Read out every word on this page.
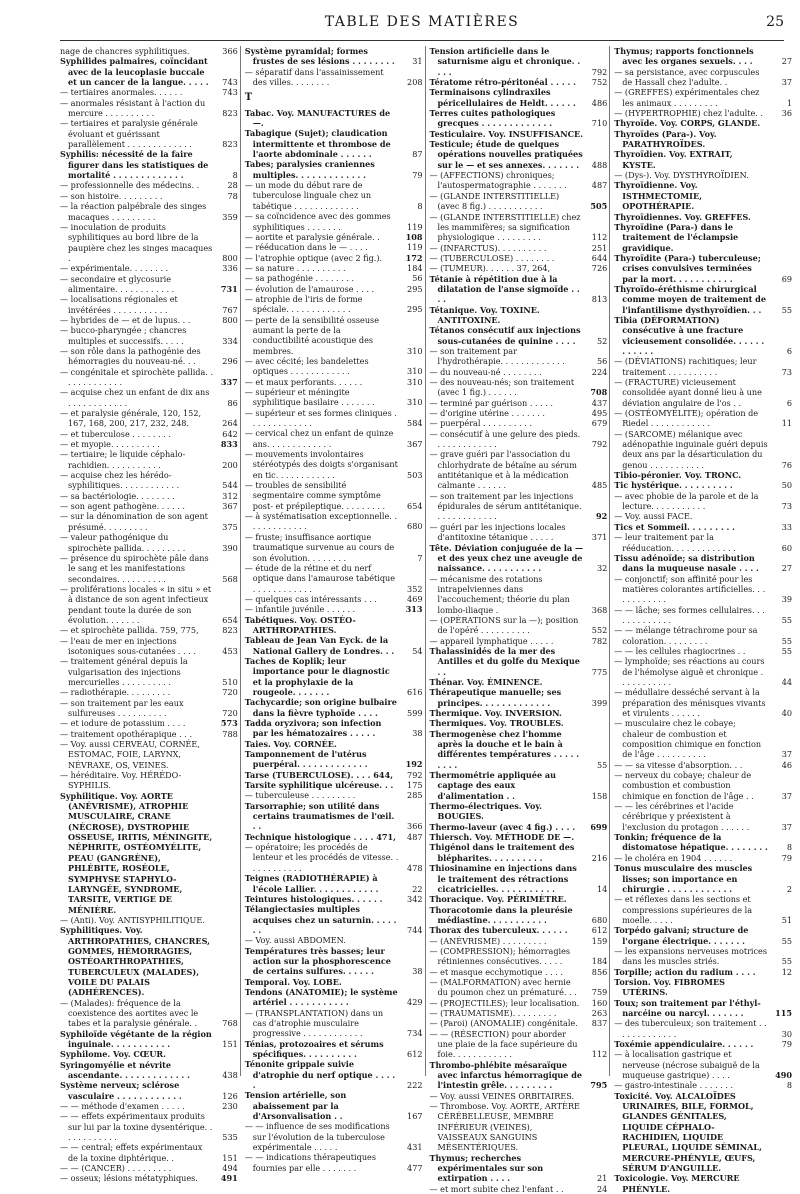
TABLE DES MATIÈRES	25
nage de chancres syphilitiques.	366
Syphilides palmaires, coïncidant avec de la leucoplasie buccale et un cancer de la langue. . . . .	743
— tertiaires anormales. . . . . .	743
— anormales résistant à l'action du mercure . . . . . . . . . .	823
— tertiaires et paralysie générale évoluant et guérissant parallèlement . . . . . . . . . . . . .	823
Syphilis: nécessité de la faire figurer dans les statistiques de mortalité . . . . . . . . . . . . .	8
— professionnelle des médecins. .	28
— son histoire. . . . . . . . .	78
— la réaction palpébrale des singes macaques . . . . . . . . .	359
— inoculation de produits syphilitiques au bord libre de la paupière chez les singes macaques .	800
— expérimentale. . . . . . . .	336
— secondaire et glycosurie alimentaire. . . . . . . . . . . .	731
— localisations régionales et invétérées . . . . . . . . . . .	767
— hybrides de — et de lupus. . .	800
— bucco-pharyngée ; chancres multiples et successifs. . . . .	334
— son rôle dans la pathogénie des hémorragies du nouveau-né. . .	296
— congénitale et spirochète pallida. . . . . . . . . . . . .	337
— acquise chez un enfant de dix ans . . . . . . . . . . . .	86
— et paralysie générale, 120, 152, 167, 168, 200, 217, 232, 248.	264
— et tuberculose . . . . . . . .	642
— et myopie. . . . . . . . . .	833
— tertiaire; le liquide céphalo-rachidien. . . . . . . . . . .	200
— acquise chez les hérédo-syphilitiques. . . . . . . . . . . .	544
— sa bactériologie. . . . . . . .	312
— son agent pathogène. . . . . .	367
— sur la dénomination de son agent présumé. . . . . . . . .	375
— valeur pathogénique du spirochète pallida. . . . . . . . .	390
— présence du spirochète pâle dans le sang et les manifestations secondaires. . . . . . . . . .	568
— proliférations locales « in situ » et à distance de son agent infectieux pendant toute la durée de son évolution. . . . . . .	654
— et spirochète pallida. 759, 775,	823
— l'eau de mer en injections isotoniques sous-cutanées . . . .	453
— traitement général depuis la vulgarisation des injections mercurielles . . . . . . . . . .	510
— radiothérapie. . . . . . . . .	720
— son traitement par les eaux sulfureuses . . . . . . . . . .	720
— et iodure de potassium . . . .	573
— traitement opothérapique . . .	788
— Voy. aussi CERVEAU, CORNÉE, ESTOMAC, FOIE, LARYNX, NÉVRAXE, OS, VEINES.
— héréditaire. Voy. HÉRÉDO-SYPHILIS.
Syphilitique. Voy. AORTE (ANÉVRISME), ATROPHIE MUSCULAIRE, CRANE (NÉCROSE), DYSTROPHIE OSSEUSE, IRITIS, MÉNINGITE, NÉPHRITE, OSTÉOMYÉLITE, PEAU (GANGRÈNE), PHLÉBITE, ROSÉOLE, SYMPHYSE STAPHYLO-LARYNGÉE, SYNDROME, TARSITE, VERTIGE DE MÉNIÈRE.
— (Anti). Voy. ANTISYPHILITIQUE.
Syphilitiques. Voy. ARTHROPATHIES, CHANCRES, GOMMES, HÉMORRAGIES, OSTÉOARTHROPATHIES, TUBERCULEUX (MALADES), VOILE DU PALAIS (ADHÉRENCES).
— (Malades): fréquence de la coexistence des aortites avec le tabes et la paralysie générale. .	768
Syphiloïde végétante de la région inguinale. . . . . . . . . . .	151
Syphilome. Voy. CŒUR.
Syringomyélie et névrite ascendante. . . . . . . . . . . . .	438
Système nerveux; sclérose vasculaire . . . . . . . . . . . .	126
— — méthode d'examen . . . . .	230
— — effets expérimentaux produits sur lui par la toxine dysentérique. . . . . . . . . . . .	535
— — central; effets expérimentaux de la toxine diphtérique. .	151
— — (CANCER) . . . . . . . . .	494
— osseux; lésions métatyphiques.	491
Système pyramidal; formes frustes de ses lésions . . . . . . . .	31
— séparatif dans l'assainissement des villes. . . . . . . .	208
T
Tabac. Voy. MANUFACTURES de —.
Tabagique (Sujet); claudication intermittente et thrombose de l'aorte abdominale . . . . . .	87
Tabes; paralysies craniennes multiples. . . . . . . . . . . . .	79
— un mode du début rare de tuberculose linguale chez un tabétique . . . . . . . . . . . . .	8
— sa coïncidence avec des gommes syphilitiques . . . . . . .	119
— aortite et paralysie générale. .	108
— rééducation dans le — . . . .	119
— l'atrophie optique (avec 2 fig.).	172
— sa nature . . . . . . . . . .	184
— sa pathogénie . . . . . . . .	56
— évolution de l'amaurose . . . .	295
— atrophie de l'iris de forme spéciale. . . . . . . . . . . . .	295
— perte de la sensibilité osseuse aumant la perte de la conductibilité acoustique des membres.	310
— avec cécité; les bandelettes optiques . . . . . . . . . . . .	310
— et maux perforants. . . . . .	310
— supérieur et méningite syphilitique basilaire . . . . . . .	310
— supérieur et ses formes cliniques . . . . . . . . . . . . .	584
— cervical chez un enfant de quinze ans. . . . . . . . . . . . .	367
— mouvements involontaires stéréotypés des doigts s'organisant en tic. . . . . . . . . . . .	503
— troubles de sensibilité segmentaire comme symptôme post- et prépileptique. . . . . . . . .	654
— à systématisation exceptionnelle. . . . . . . . . . . . .	680
— fruste; insuffisance aortique traumatique survenue au cours de son évolution. . . . . . . .	7
— étude de la rétine et du nerf optique dans l'amaurose tabétique . . . . . . . . . . . .	352
— quelques cas intéressants . . .	469
— infantile juvénile . . . . . .	313
Tabétiques. Voy. OSTÉO-ARTHROPATHIES.
Tableau de Jean Van Eyck. de la National Gallery de Londres. . .	54
Taches de Koplik; leur importance pour le diagnostic et la prophylaxie de la rougeole. . . . . . .	616
Tachycardie; son origine bulbaire dans la fièvre typhoïde . . . .	599
Tadda oryzivora; son infection par les hématozaires . . . . .	38
Taies. Voy. CORNÉE.
Tamponnement de l'utérus puerpéral. . . . . . . . . . . . .	192
Tarse (TUBERCULOSE). . . . 644,	792
Tarsite syphilitique ulcéreuse. . .	175
— tuberculeuse . . . . . . . . .	285
Tarsorraphie; son utilité dans certains traumatismes de l'œil. . .	366
Technique histologique . . . . 471,	487
— opératoire; les procédés de lenteur et les procédés de vitesse. . . . . . . . . . . .	478
Teignes (RADIOTHÉRAPIE) à l'école Lallier. . . . . . . . . . . .	22
Teintures histologiques. . . . . .	342
Télangiectasies multiples acquises chez un saturnin. . . . . . .	744
— Voy. aussi ABDOMEN.
Températures très basses; leur action sur la phosphorescence de certains sulfures. . . . . .	38
Temporal. Voy. LOBE.
Tendons (ANATOMIE); le système artériel . . . . . . . . . . .	429
— (TRANSPLANTATION) dans un cas d'atrophie musculaire progressive . . . . . . . . . . . .	734
Ténias, protozoaires et sérums spécifiques. . . . . . . . . .	612
Ténonite grippale suivie d'atrophie du nerf optique . . . . .	222
Tension artérielle, son abaissement par la d'Arsonvalisation . .	167
— — influence de ses modifications sur l'évolution de la tuberculose expérimentale . . . . .	431
— — indications thérapeutiques fournies par elle . . . . . . .	477
Tension artificielle dans le saturnisme aigu et chronique. . . . .	792
Tératome rétro-péritonéal . . . . .	752
Terminaisons cylindraxiles péricellulaires de Heldt. . . . . .	486
Terres cuites pathologiques grecques . . . . . . . . . . . . .	710
Testiculaire. Voy. INSUFFISANCE.
Testicule; étude de quelques opérations nouvelles pratiquées sur le — et ses annexes. . . . . . .	488
— (AFFECTIONS) chroniques; l'autospermatographie . . . . . . .	487
— (GLANDE INTERSTITIELLE) (avec 8 fig.) . . . . . . . . . . .	505
— (GLANDE INTERSTITIELLE) chez les mammifères; sa signification physiologique . . . . . . . . .	112
— (INFARCTUS). . . . . . . . . .	251
— (TUBERCULOSE) . . . . . . . .	644
— (TUMEUR). . . . . . 37, 264,	726
Tétanie à répétition due à la dilatation de l'anse sigmoïde . . . .	813
Tétanique. Voy. TOXINE. ANTITOXINE.
Tétanos consécutif aux injections sous-cutanées de quinine . . . .	52
— son traitement par l'hydrothérapie. . . . . . . . . . . . .	56
— du nouveau-né . . . . . . . .	224
— des nouveau-nés; son traitement (avec 1 fig.) . . . . . .	708
— terminé par guérison . . . . .	437
— d'origine utérine . . . . . . .	495
— puerpéral . . . . . . . . . .	679
— consécutif à une gelure des pieds. . . . . . . . . . . . .	792
— grave guéri par l'association du chlorhydrate de bétaïne au sérum antitétanique et à la médication calmante . . . . . .	485
— son traitement par les injections épidurales de sérum antitétanique. . . . . . . . . . . . .	92
— guéri par les injections locales d'antitoxine tétanique . . . . .	371
Tête. Déviation conjuguée de la — et des yeux chez une aveugle de naissance. . . . . . . . . . .	32
— mécanisme des rotations intrapelviennes dans l'accouchement; théorie du plan lombo-iliaque .	368
— (OPÉRATIONS sur la —); position de l'opéré . . . . . . . . . .	552
— appareil lymphatique . . . . .	782
Thalassinidés de la mer des Antilles et du golfe du Mexique . .	775
Thénar. Voy. ÉMINENCE.
Thérapeutique manuelle; ses principes. . . . . . . . . . . . .	399
Thermique. Voy. INVERSION.
Thermiques. Voy. TROUBLES.
Thermogenèse chez l'homme après la douche et le bain à différentes températures . . . . . . . . .	55
Thermométrie appliquée au captage des eaux d'alimentation . .	158
Thermo-électriques. Voy. BOUGIES.
Thermo-laveur (avec 4 fig.) . . . .	699
Thiersch. Voy. MÉTHODE DE —.
Thigénol dans le traitement des blépharites. . . . . . . . . .	216
Thiosinamine en injections dans le traitement des rétractions cicatricielles. . . . . . . . . . .	14
Thoracique. Voy. PÉRIMÈTRE.
Thoracotomie dans la pleurésie médiastine. . . . . . . . . . .	680
Thorax des tuberculeux. . . . . .	612
— (ANÉVRISME) . . . . . . . . .	159
— (COMPRESSION); hémorragies rétiniennes consécutives. . . . .	184
— et masque ecchymotique . . . .	856
— (MALFORMATION) avec hernie du poumon chez un prématuré. . .	759
— (PROJECTILES); leur localisation.	160
— (TRAUMATISME). . . . . . . . .	263
— (Paroi) (ANOMALIE) congénitale.	837
— — (RÉSECTION) pour aborder une plaie de la face supérieure du foie. . . . . . . . . . . .	112
Thrombo-phlébite mésaraïque avec infarctus hémorragique de l'intestin grêle. . . . . . . . .	795
— Voy. aussi VEINES ORBITAIRES.
— Thrombose. Voy. AORTE, ARTÈRE CÉRÉBELLEUSE, MEMBRE INFÉRIEUR (VEINES), VAISSEAUX SANGUINS MÉSENTÉRIQUES.
Thymus; recherches expérimentales sur son extirpation . . . .	21
— et mort subite chez l'enfant . .	24
Thymus; rapports fonctionnels avec les organes sexuels. . . .	27
— sa persistance, avec corpuscules de Hassall chez l'adulte. .	37
— (GREFFES) expérimentales chez les animaux . . . . . . . . .	1
— (HYPERTROPHIE) chez l'adulte. .	36
Thyroïde. Voy. CORPS, GLANDE.
Thyroïdes (Para-). Voy. PARATHYROÏDES.
Thyroïdien. Voy. EXTRAIT, KYSTE.
— (Dys-). Voy. DYSTHYROÏDIEN.
Thyroïdienne. Voy. ISTHMECTOMIE, OPOTHÉRAPIE.
Thyroïdiennes. Voy. GREFFES.
Thyroïdine (Para-) dans le traitement de l'éclampsie gravidique.
Thyroïdite (Para-) tuberculeuse; crises convulsives terminées par la mort. . . . . . . . . . .	69
Thyroïdo-éréthisme chirurgical comme moyen de traitement de l'infantilisme dysthyroïdien. . .	55
Tibia (DÉFORMATION) consécutive à une fracture vicieusement consolidée. . . . . . . . . . . .	6
— (DÉVIATIONS) rachitiques; leur traitement . . . . . . . . . .	73
— (FRACTURE) vicieusement consolidée ayant donné lieu à une déviation angulaire de l'os . .	6
— (OSTÉOMYÉLITE); opération de Riedel . . . . . . . . . . . .	11
— (SARCOME) mélanique avec adénopathie inguinale guéri depuis deux ans par la désarticulation du genou . . . . . . . . . . .	76
Tibio-péronier. Voy. TRONC.
Tic hystérique. . . . . . . . . .	50
— avec phobie de la parole et de la lecture. . . . . . . . . . .	73
— Voy. aussi FACE.
Tics et Sommeil. . . . . . . . .	33
— leur traitement par la rééducation. . . . . . . . . . . . .	60
Tissu adénoïde; sa distribution dans la muqueuse nasale . . . .	27
— conjonctif; son affinité pour les matières colorantes artificielles. . . . . . . . . . . .	39
— — lâche; ses formes cellulaires. . . . . . . . . . . . .	55
— — mélange tétrachrome pour sa coloration. . . . . . . . .	55
— — les cellules rhagiocrines . .	55
— lymphoïde; ses réactions au cours de l'hémolyse aiguë et chronique . . . . . . . . . . .	44
— médullaire desséché servant à la préparation des ménisques vivants et virulents . . . . . .	40
— musculaire chez le cobaye; chaleur de combustion et composition chimique en fonction de l'âge . . . . . . . . . .	37
— — sa vitesse d'absorption. . .	46
— nerveux du cobaye; chaleur de combustion et combustion chimique en fonction de l'âge . .	37
— — les cérébrines et l'acide cérébrique y préexistent à l'exclusion du protagon . . . . . .	37
Tonkin; fréquence de la distomatose hépatique. . . . . . . .	8
— le choléra en 1904 . . . . . .	79
Tonus musculaire des muscles lisses; son importance en chirurgie . . . . . . . . . . . .	2
— et réflexes dans les sections et compressions supérieures de la moelle. . . . .	51
Torpédo galvani; structure de l'organe électrique. . . . . . .	55
— les expansions nerveuses motrices dans les muscles striés.	55
Torpille; action du radium . . . .	12
Torsion. Voy. FIBROMES UTÉRINS.
Toux; son traitement par l'éthyl-narcéine ou narcyl. . . . . . .	115
— des tuberculeux; son traitement . . . . . . . . . . . . .	30
Toxémie appendiculaire. . . . . .	79
— à localisation gastrique et nerveuse (nécrose subaiguë de la muqueuse gastrique) . . . .	490
— gastro-intestinale . . . . . . .	8
Toxicité. Voy. ALCALOÏDES URINAIRES, BILE, FORMOL, GLANDES GÉNITALES, LIQUIDE CÉPHALO-RACHIDIEN, LIQUIDE PLEURAL, LIQUIDE SÉMINAL, MERCURE-PHÉNYLE, ŒUFS, SÉRUM D'ANGUILLE.
Toxicologie. Voy. MERCURE PHÉNYLE.
